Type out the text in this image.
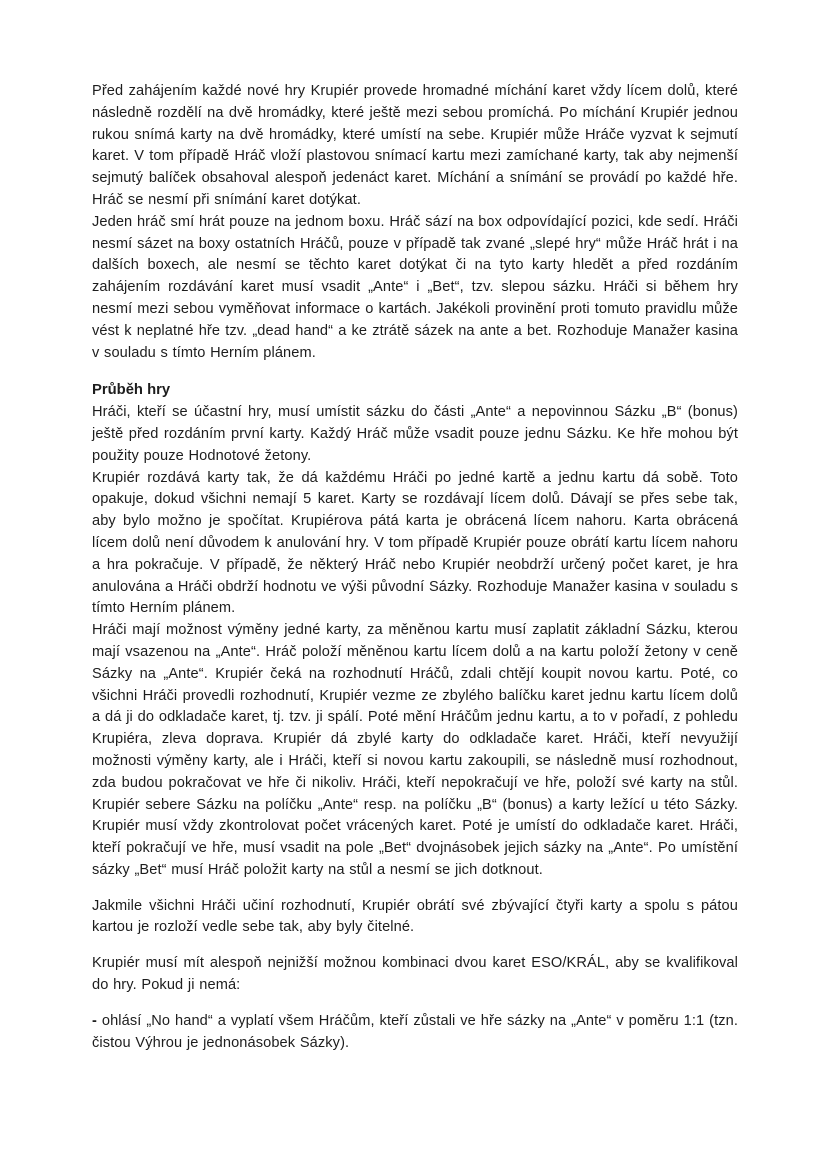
Před zahájením každé nové hry Krupiér provede hromadné míchání karet vždy lícem dolů, které následně rozdělí na dvě hromádky, které ještě mezi sebou promíchá. Po míchání Krupiér jednou rukou snímá karty na dvě hromádky, které umístí na sebe. Krupiér může Hráče vyzvat k sejmutí karet. V tom případě Hráč vloží plastovou snímací kartu mezi zamíchané karty, tak aby nejmenší sejmutý balíček obsahoval alespoň jedenáct karet. Míchání a snímání se provádí po každé hře. Hráč se nesmí při snímání karet dotýkat.

Jeden hráč smí hrát pouze na jednom boxu. Hráč sází na box odpovídající pozici, kde sedí. Hráči nesmí sázet na boxy ostatních Hráčů, pouze v případě tak zvané „slepé hry“ může Hráč hrát i na dalších boxech, ale nesmí se těchto karet dotýkat či na tyto karty hledět a před rozdáním zahájením rozdávání karet musí vsadit „Ante“ i „Bet“, tzv. slepou sázku. Hráči si během hry nesmí mezi sebou vyměňovat informace o kartách. Jakékoli provinění proti tomuto pravidlu může vést k neplatné hře tzv. „dead hand“ a ke ztrátě sázek na ante a bet. Rozhoduje Manažer kasina v souladu s tímto Herním plánem.

Průběh hry

Hráči, kteří se účastní hry, musí umístit sázku do části „Ante“ a nepovinnou Sázku „B“ (bonus) ještě před rozdáním první karty. Každý Hráč může vsadit pouze jednu Sázku. Ke hře mohou být použity pouze Hodnotové žetony.

Krupiér rozdává karty tak, že dá každému Hráči po jedné kartě a jednu kartu dá sobě. Toto opakuje, dokud všichni nemají 5 karet. Karty se rozdávají lícem dolů. Dávají se přes sebe tak, aby bylo možno je spočítat. Krupiérova pátá karta je obrácená lícem nahoru. Karta obrácená lícem dolů není důvodem k anulování hry. V tom případě Krupiér pouze obrátí kartu lícem nahoru a hra pokračuje. V případě, že některý Hráč nebo Krupiér neobdrží určený počet karet, je hra anulována a Hráči obdrží hodnotu ve výši původní Sázky. Rozhoduje Manažer kasina v souladu s tímto Herním plánem.

Hráči mají možnost výměny jedné karty, za měněnou kartu musí zaplatit základní Sázku, kterou mají vsazenou na „Ante“. Hráč položí měněnou kartu lícem dolů a na kartu položí žetony v ceně Sázky na „Ante“. Krupiér čeká na rozhodnutí Hráčů, zdali chtějí koupit novou kartu. Poté, co všichni Hráči provedli rozhodnutí, Krupiér vezme ze zbylého balíčku karet jednu kartu lícem dolů a dá ji do odkladače karet, tj. tzv. ji spálí. Poté mění Hráčům jednu kartu, a to v pořadí, z pohledu Krupiéra, zleva doprava. Krupiér dá zbylé karty do odkladače karet. Hráči, kteří nevyužijí možnosti výměny karty, ale i Hráči, kteří si novou kartu zakoupili, se následně musí rozhodnout, zda budou pokračovat ve hře či nikoliv. Hráči, kteří nepokračují ve hře, položí své karty na stůl. Krupiér sebere Sázku na políčku „Ante“ resp. na políčku „B“ (bonus) a karty ležící u této Sázky. Krupiér musí vždy zkontrolovat počet vrácených karet. Poté je umístí do odkladače karet. Hráči, kteří pokračují ve hře, musí vsadit na pole „Bet“ dvojnásobek jejich sázky na „Ante“. Po umístění sázky „Bet“ musí Hráč položit karty na stůl a nesmí se jich dotknout.

Jakmile všichni Hráči učiní rozhodnutí, Krupiér obrátí své zbývající čtyři karty a spolu s pátou kartou je rozloží vedle sebe tak, aby byly čitelné.

Krupiér musí mít alespoň nejnižší možnou kombinaci dvou karet ESO/KRÁL, aby se kvalifikoval do hry. Pokud ji nemá:

- ohlásí „No hand“ a vyplatí všem Hráčům, kteří zůstali ve hře sázky na „Ante“ v poměru 1:1 (tzn. čistou Výhrou je jednonásobek Sázky).
